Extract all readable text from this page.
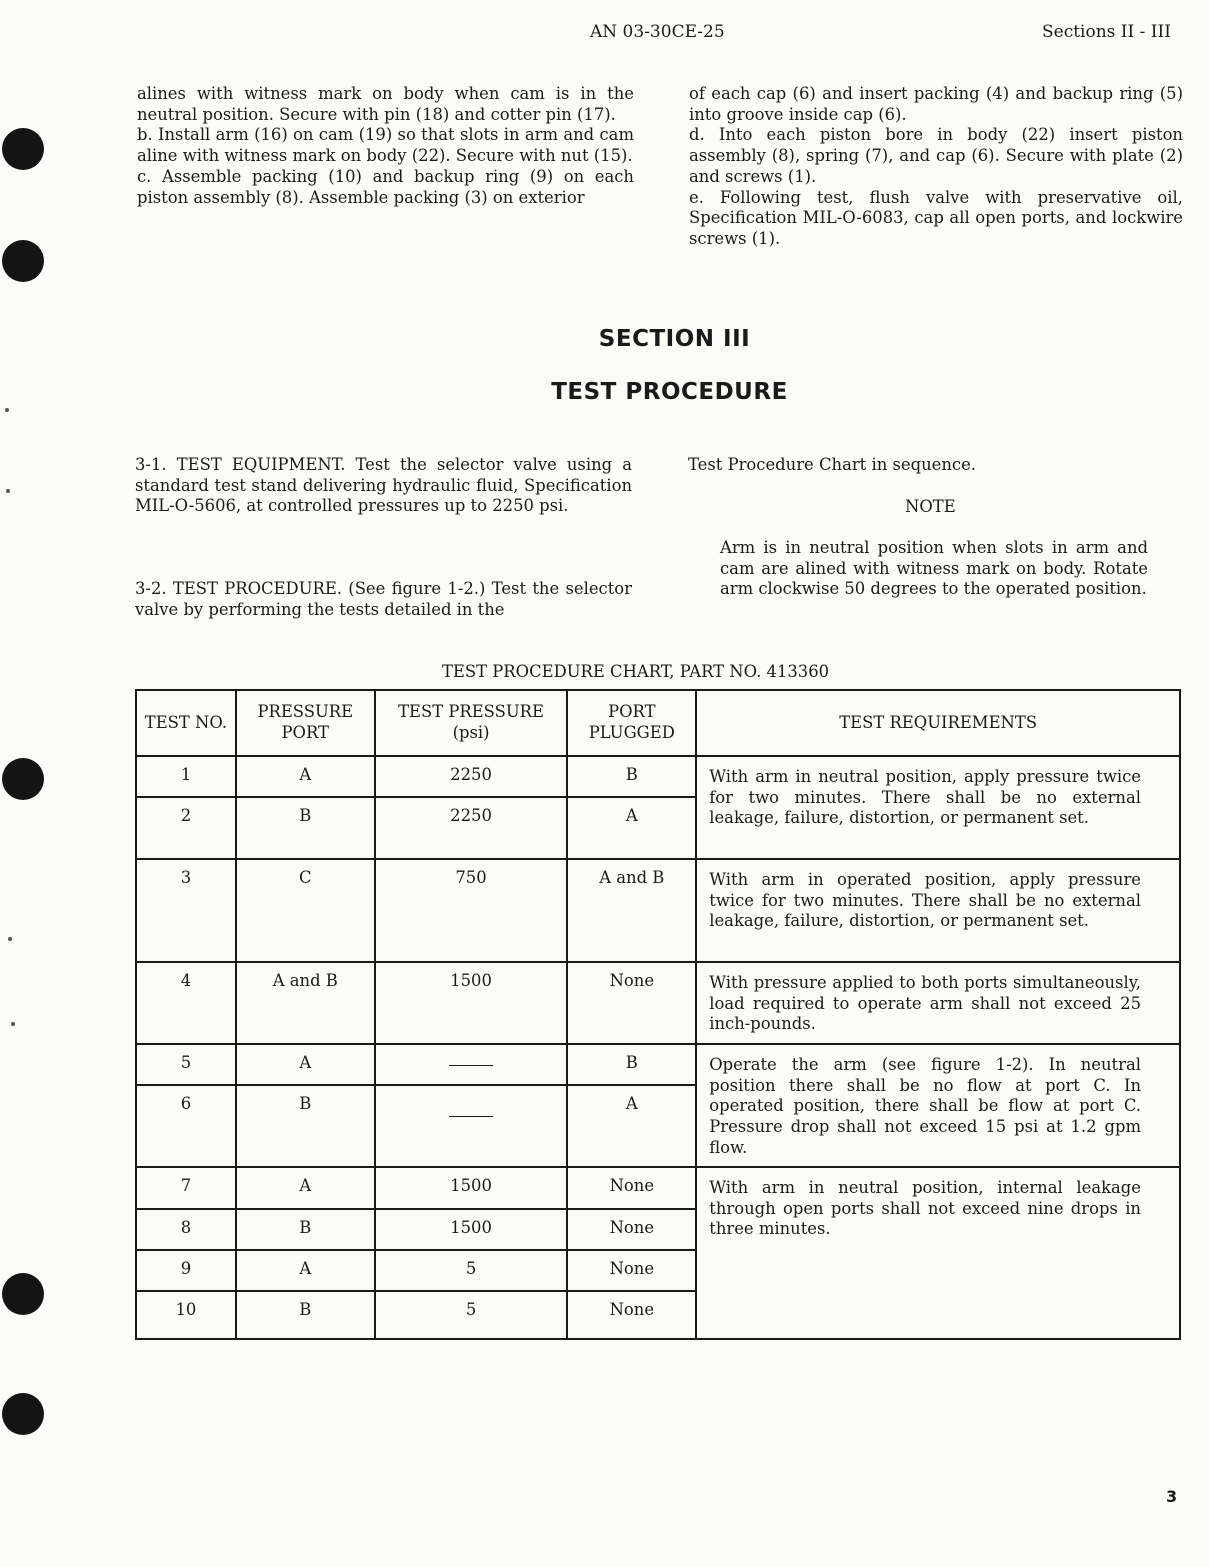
AN 03-30CE-25	Sections II - III

alines with witness mark on body when cam is in the neutral position. Secure with pin (18) and cotter pin (17).

b. Install arm (16) on cam (19) so that slots in arm and cam aline with witness mark on body (22). Secure with nut (15).

c. Assemble packing (10) and backup ring (9) on each piston assembly (8). Assemble packing (3) on exterior

of each cap (6) and insert packing (4) and backup ring (5) into groove inside cap (6).

d. Into each piston bore in body (22) insert piston assembly (8), spring (7), and cap (6). Secure with plate (2) and screws (1).

e. Following test, flush valve with preservative oil, Specification MIL-O-6083, cap all open ports, and lockwire screws (1).

SECTION III
TEST PROCEDURE

3-1. TEST EQUIPMENT. Test the selector valve using a standard test stand delivering hydraulic fluid, Specification MIL-O-5606, at controlled pressures up to 2250 psi.

3-2. TEST PROCEDURE. (See figure 1-2.) Test the selector valve by performing the tests detailed in the

Test Procedure Chart in sequence.

NOTE

Arm is in neutral position when slots in arm and cam are alined with witness mark on body. Rotate arm clockwise 50 degrees to the operated position.

TEST PROCEDURE CHART, PART NO. 413360
TEST NO.	PRESSURE PORT	TEST PRESSURE (psi)	PORT PLUGGED	TEST REQUIREMENTS
1	A	2250	B	With arm in neutral position, apply pressure twice for two minutes. There shall be no external leakage, failure, distortion, or permanent set.
2	B	2250	A	
3	C	750	A and B	With arm in operated position, apply pressure twice for two minutes. There shall be no external leakage, failure, distortion, or permanent set.
4	A and B	1500	None	With pressure applied to both ports simultaneously, load required to operate arm shall not exceed 25 inch-pounds.
5	A		B	Operate the arm (see figure 1-2). In neutral position there shall be no flow at port C. In operated position, there shall be flow at port C. Pressure drop shall not exceed 15 psi at 1.2 gpm flow.
6	B		A	
7	A	1500	None	With arm in neutral position, internal leakage through open ports shall not exceed nine drops in three minutes.
8	B	1500	None	
9	A	5	None	
10	B	5	None	
3
